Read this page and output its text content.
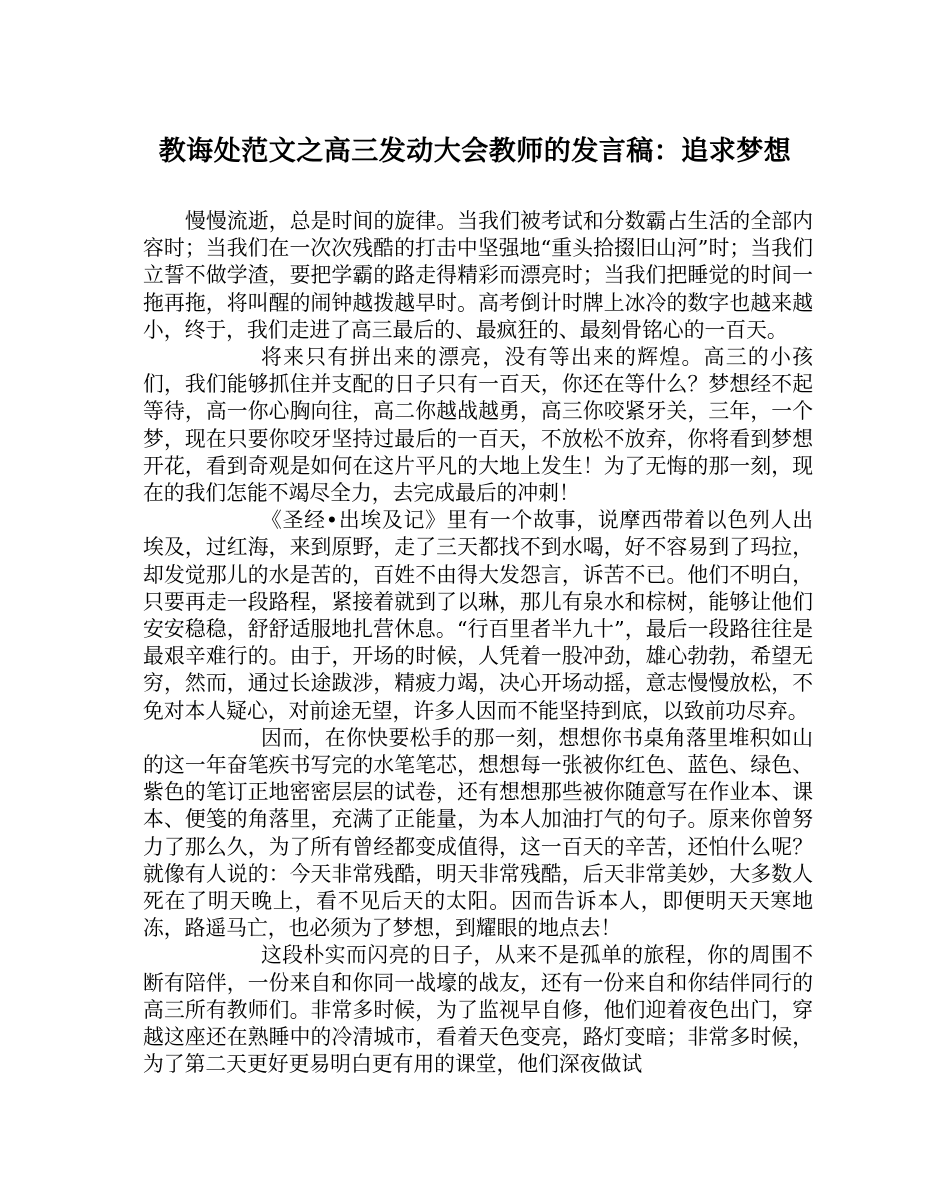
教诲处范文之高三发动大会教师的发言稿：追求梦想

慢慢流逝，总是时间的旋律。当我们被考试和分数霸占生活的全部内容时；当我们在一次次残酷的打击中坚强地“重头拾掇旧山河”时；当我们立誓不做学渣，要把学霸的路走得精彩而漂亮时；当我们把睡觉的时间一拖再拖，将叫醒的闹钟越拨越早时。高考倒计时牌上冰冷的数字也越来越小，终于，我们走进了高三最后的、最疯狂的、最刻骨铭心的一百天。

将来只有拼出来的漂亮，没有等出来的辉煌。高三的小孩们，我们能够抓住并支配的日子只有一百天，你还在等什么？梦想经不起等待，高一你心胸向往，高二你越战越勇，高三你咬紧牙关，三年，一个梦，现在只要你咬牙坚持过最后的一百天，不放松不放弃，你将看到梦想开花，看到奇观是如何在这片平凡的大地上发生！为了无悔的那一刻，现在的我们怎能不竭尽全力，去完成最后的冲刺！

《圣经•出埃及记》里有一个故事，说摩西带着以色列人出埃及，过红海，来到原野，走了三天都找不到水喝，好不容易到了玛拉，却发觉那儿的水是苦的，百姓不由得大发怨言，诉苦不已。他们不明白，只要再走一段路程，紧接着就到了以琳，那儿有泉水和棕树，能够让他们安安稳稳，舒舒适服地扎营休息。“行百里者半九十”，最后一段路往往是最艰辛难行的。由于，开场的时候，人凭着一股冲劲，雄心勃勃，希望无穷，然而，通过长途跋涉，精疲力竭，决心开场动摇，意志慢慢放松，不免对本人疑心，对前途无望，许多人因而不能坚持到底，以致前功尽弃。

因而，在你快要松手的那一刻，想想你书桌角落里堆积如山的这一年奋笔疾书写完的水笔笔芯，想想每一张被你红色、蓝色、绿色、紫色的笔订正地密密层层的试卷，还有想想那些被你随意写在作业本、课本、便笺的角落里，充满了正能量，为本人加油打气的句子。原来你曾努力了那么久，为了所有曾经都变成值得，这一百天的辛苦，还怕什么呢？就像有人说的：今天非常残酷，明天非常残酷，后天非常美妙，大多数人死在了明天晚上，看不见后天的太阳。因而告诉本人，即便明天天寒地冻，路遥马亡，也必须为了梦想，到耀眼的地点去！

这段朴实而闪亮的日子，从来不是孤单的旅程，你的周围不断有陪伴，一份来自和你同一战壕的战友，还有一份来自和你结伴同行的高三所有教师们。非常多时候，为了监视早自修，他们迎着夜色出门，穿越这座还在熟睡中的冷清城市，看着天色变亮，路灯变暗；非常多时候，为了第二天更好更易明白更有用的课堂，他们深夜做试
